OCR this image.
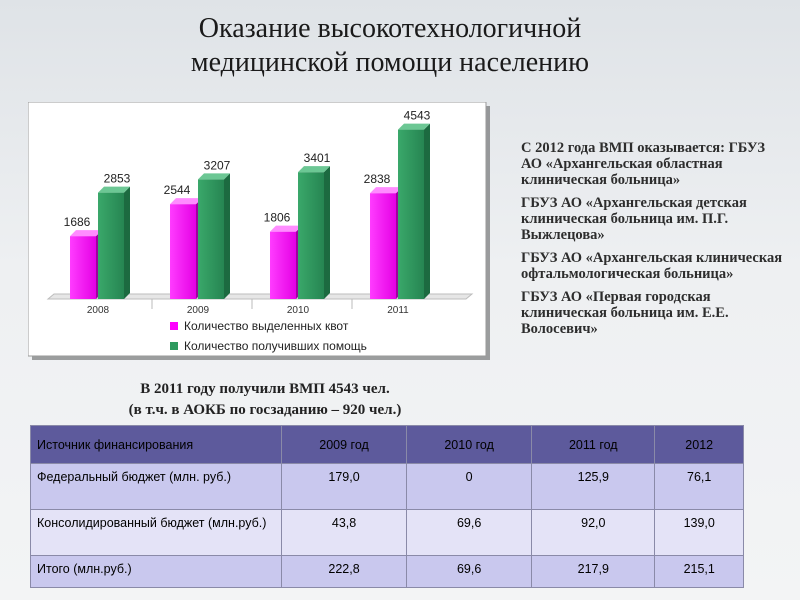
Оказание высокотехнологичной
медицинской помощи населению
1686
2853
2008
2544
3207
2009
1806
3401
2010
2838
4543
2011
Количество выделенных квот
Количество получивших помощь

С 2012 года ВМП оказывается: ГБУЗ АО «Архангельская областная клиническая больница»

ГБУЗ АО «Архангельская детская клиническая больница им. П.Г. Выжлецова»

ГБУЗ АО «Архангельская клиническая офтальмологическая больница»

ГБУЗ АО «Первая городская клиническая больница им. Е.Е. Волосевич»

В 2011 году получили ВМП 4543 чел.
(в т.ч. в АОКБ по госзаданию – 920 чел.)
Источник финансирования	2009 год	2010 год	2011 год	2012
Федеральный бюджет (млн. руб.)	179,0	0	125,9	76,1
Консолидированный бюджет (млн.руб.)	43,8	69,6	92,0	139,0
Итого (млн.руб.)	222,8	69,6	217,9	215,1
